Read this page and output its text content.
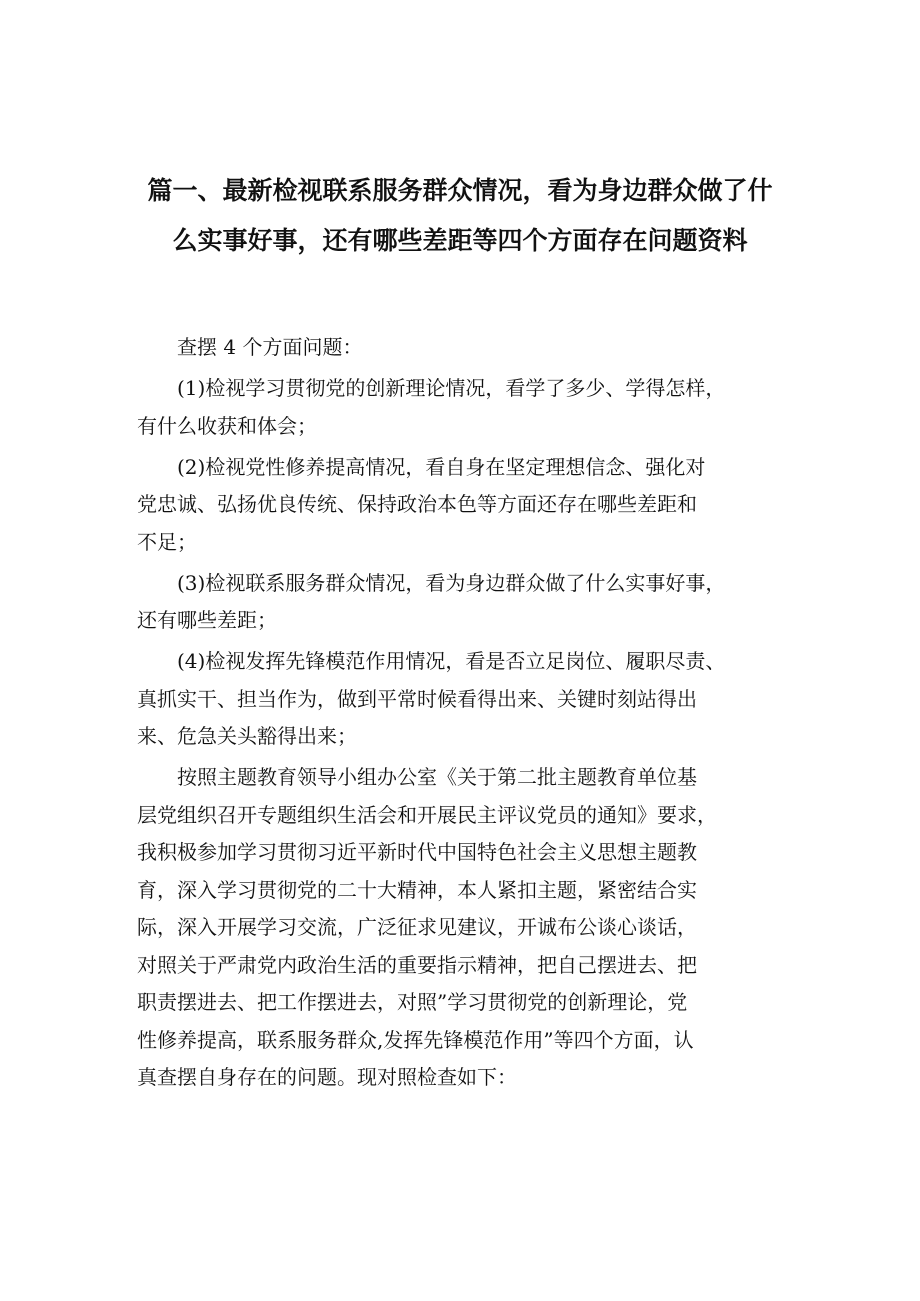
篇一、最新检视联系服务群众情况，看为身边群众做了什
么实事好事，还有哪些差距等四个方面存在问题资料

查摆 4 个方面问题：

(1)检视学习贯彻党的创新理论情况，看学了多少、学得怎样，
有什么收获和体会；

(2)检视党性修养提高情况，看自身在坚定理想信念、强化对
党忠诚、弘扬优良传统、保持政治本色等方面还存在哪些差距和
不足；

(3)检视联系服务群众情况，看为身边群众做了什么实事好事，
还有哪些差距；

(4)检视发挥先锋模范作用情况，看是否立足岗位、履职尽责、
真抓实干、担当作为，做到平常时候看得出来、关键时刻站得出
来、危急关头豁得出来；

按照主题教育领导小组办公室《关于第二批主题教育单位基
层党组织召开专题组织生活会和开展民主评议党员的通知》要求，
我积极参加学习贯彻习近平新时代中国特色社会主义思想主题教
育，深入学习贯彻党的二十大精神，本人紧扣主题，紧密结合实
际，深入开展学习交流，广泛征求见建议，开诚布公谈心谈话，
对照关于严肃党内政治生活的重要指示精神，把自己摆进去、把
职责摆进去、把工作摆进去，对照”学习贯彻党的创新理论，党
性修养提高，联系服务群众,发挥先锋模范作用”等四个方面，认
真查摆自身存在的问题。现对照检查如下：
